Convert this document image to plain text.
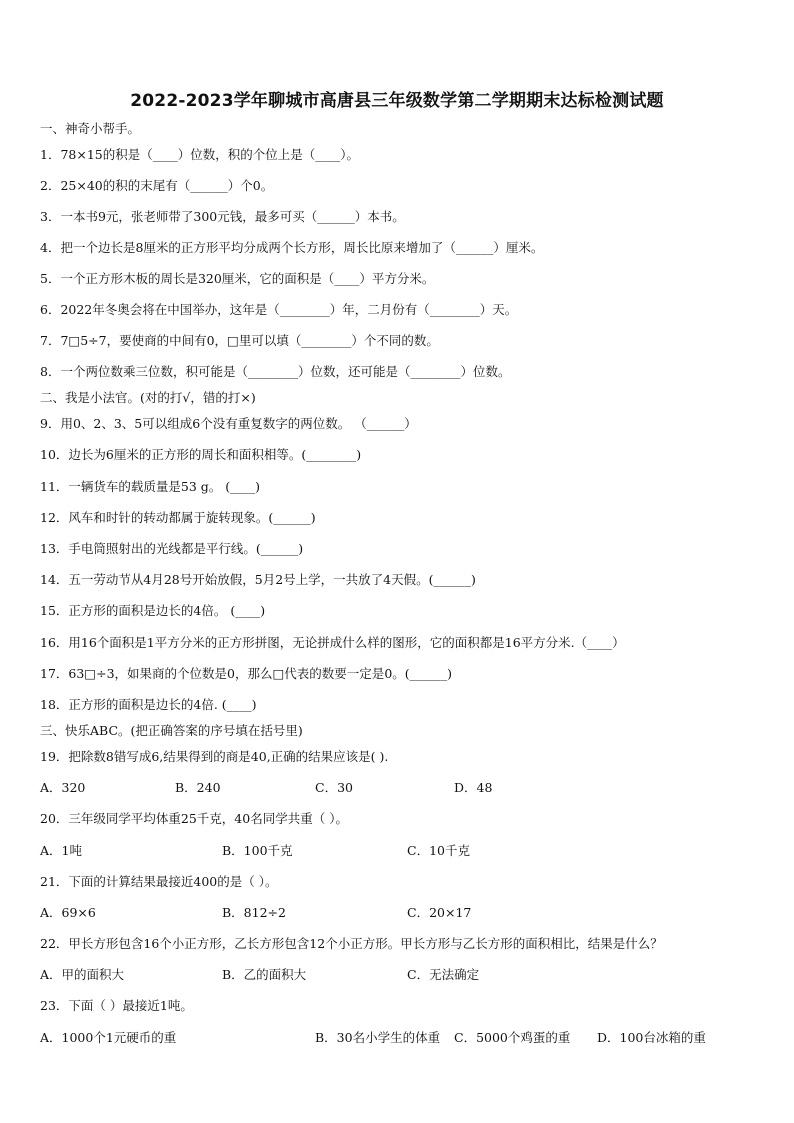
2022-2023学年聊城市高唐县三年级数学第二学期期末达标检测试题
一、神奇小帮手。
1．78×15的积是（____）位数，积的个位上是（____）。
2．25×40的积的末尾有（______）个0。
3．一本书9元，张老师带了300元钱，最多可买（______）本书。
4．把一个边长是8厘米的正方形平均分成两个长方形，周长比原来增加了（______）厘米。
5．一个正方形木板的周长是320厘米，它的面积是（____）平方分米。
6．2022年冬奥会将在中国举办，这年是（________）年，二月份有（________）天。
7．7□5÷7，要使商的中间有0，□里可以填（________）个不同的数。
8．一个两位数乘三位数，积可能是（________）位数，还可能是（________）位数。
二、我是小法官。(对的打√，错的打×)
9．用0、2、3、5可以组成6个没有重复数字的两位数。 （______）
10．边长为6厘米的正方形的周长和面积相等。(________)
11．一辆货车的载质量是53 g。 (____)
12．风车和时针的转动都属于旋转现象。(______)
13．手电筒照射出的光线都是平行线。(______)
14．五一劳动节从4月28号开始放假，5月2号上学，一共放了4天假。(______)
15．正方形的面积是边长的4倍。 (____)
16．用16个面积是1平方分米的正方形拼图，无论拼成什么样的图形，它的面积都是16平方分米.（____）
17．63□÷3，如果商的个位数是0，那么□代表的数要一定是0。(______)
18．正方形的面积是边长的4倍. (____)
三、快乐ABC。(把正确答案的序号填在括号里)
19．把除数8错写成6,结果得到的商是40,正确的结果应该是( ).
A．320	B．240	C．30	D．48
20．三年级同学平均体重25千克，40名同学共重（ ）。
A．1吨	B．100千克	C．10千克
21．下面的计算结果最接近400的是（ ）。
A．69×6	B．812÷2	C．20×17
22．甲长方形包含16个小正方形，乙长方形包含12个小正方形。甲长方形与乙长方形的面积相比，结果是什么？
A．甲的面积大	B．乙的面积大	C．无法确定
23．下面（ ）最接近1吨。
A．1000个1元硬币的重	B．30名小学生的体重 C．5000个鸡蛋的重 D．100台冰箱的重
